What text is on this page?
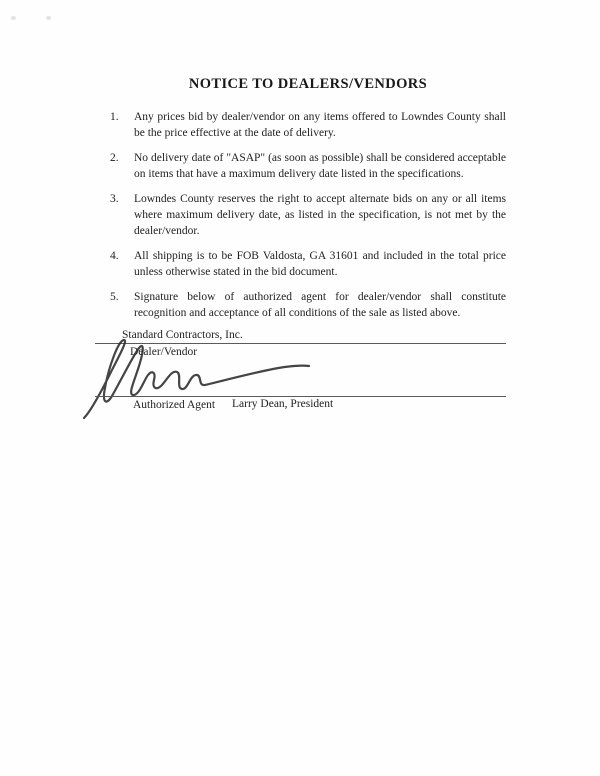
NOTICE TO DEALERS/VENDORS
1.	Any prices bid by dealer/vendor on any items offered to Lowndes County shall be the price effective at the date of delivery.
2.	No delivery date of "ASAP" (as soon as possible) shall be considered acceptable on items that have a maximum delivery date listed in the specifications.
3.	Lowndes County reserves the right to accept alternate bids on any or all items where maximum delivery date, as listed in the specification, is not met by the dealer/vendor.
4.	All shipping is to be FOB Valdosta, GA 31601 and included in the total price unless otherwise stated in the bid document.
5.	Signature below of authorized agent for dealer/vendor shall constitute recognition and acceptance of all conditions of the sale as listed above.
Standard Contractors, Inc.
Dealer/Vendor
Authorized Agent Larry Dean, President
